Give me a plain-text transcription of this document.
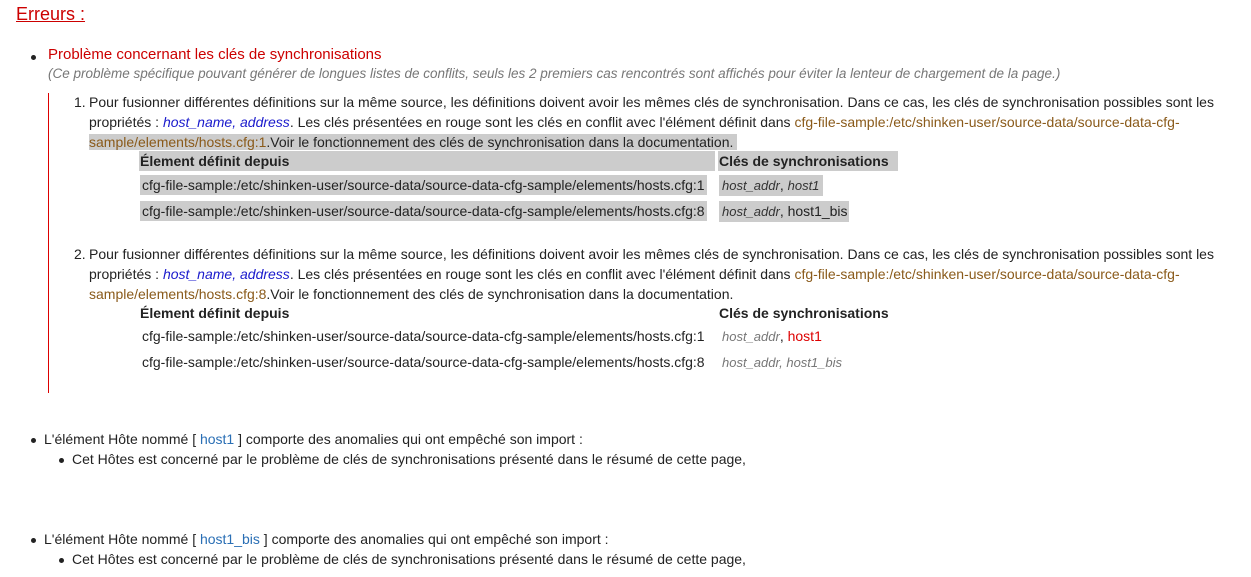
Erreurs :
Problème concernant les clés de synchronisations
(Ce problème spécifique pouvant générer de longues listes de conflits, seuls les 2 premiers cas rencontrés sont affichés pour éviter la lenteur de chargement de la page.)
1. Pour fusionner différentes définitions sur la même source, les définitions doivent avoir les mêmes clés de synchronisation. Dans ce cas, les clés de synchronisation possibles sont les
propriétés : host_name, address. Les clés présentées en rouge sont les clés en conflit avec l'élément définit dans cfg-file-sample:/etc/shinken-user/source-data/source-data-cfg-
sample/elements/hosts.cfg:1.Voir le fonctionnement des clés de synchronisation dans la documentation.
Élement définit depuis	Clés de synchronisations
cfg-file-sample:/etc/shinken-user/source-data/source-data-cfg-sample/elements/hosts.cfg:1 host_addr, host1
cfg-file-sample:/etc/shinken-user/source-data/source-data-cfg-sample/elements/hosts.cfg:8 host_addr, host1_bis
2. Pour fusionner différentes définitions sur la même source, les définitions doivent avoir les mêmes clés de synchronisation. Dans ce cas, les clés de synchronisation possibles sont les
propriétés : host_name, address. Les clés présentées en rouge sont les clés en conflit avec l'élément définit dans cfg-file-sample:/etc/shinken-user/source-data/source-data-cfg-
sample/elements/hosts.cfg:8.Voir le fonctionnement des clés de synchronisation dans la documentation.
Élement définit depuis	Clés de synchronisations
cfg-file-sample:/etc/shinken-user/source-data/source-data-cfg-sample/elements/hosts.cfg:1 host_addr, host1
cfg-file-sample:/etc/shinken-user/source-data/source-data-cfg-sample/elements/hosts.cfg:8 host_addr, host1_bis
L'élément Hôte nommé [ host1 ] comporte des anomalies qui ont empêché son import :
Cet Hôtes est concerné par le problème de clés de synchronisations présenté dans le résumé de cette page,
L'élément Hôte nommé [ host1_bis ] comporte des anomalies qui ont empêché son import :
Cet Hôtes est concerné par le problème de clés de synchronisations présenté dans le résumé de cette page,
